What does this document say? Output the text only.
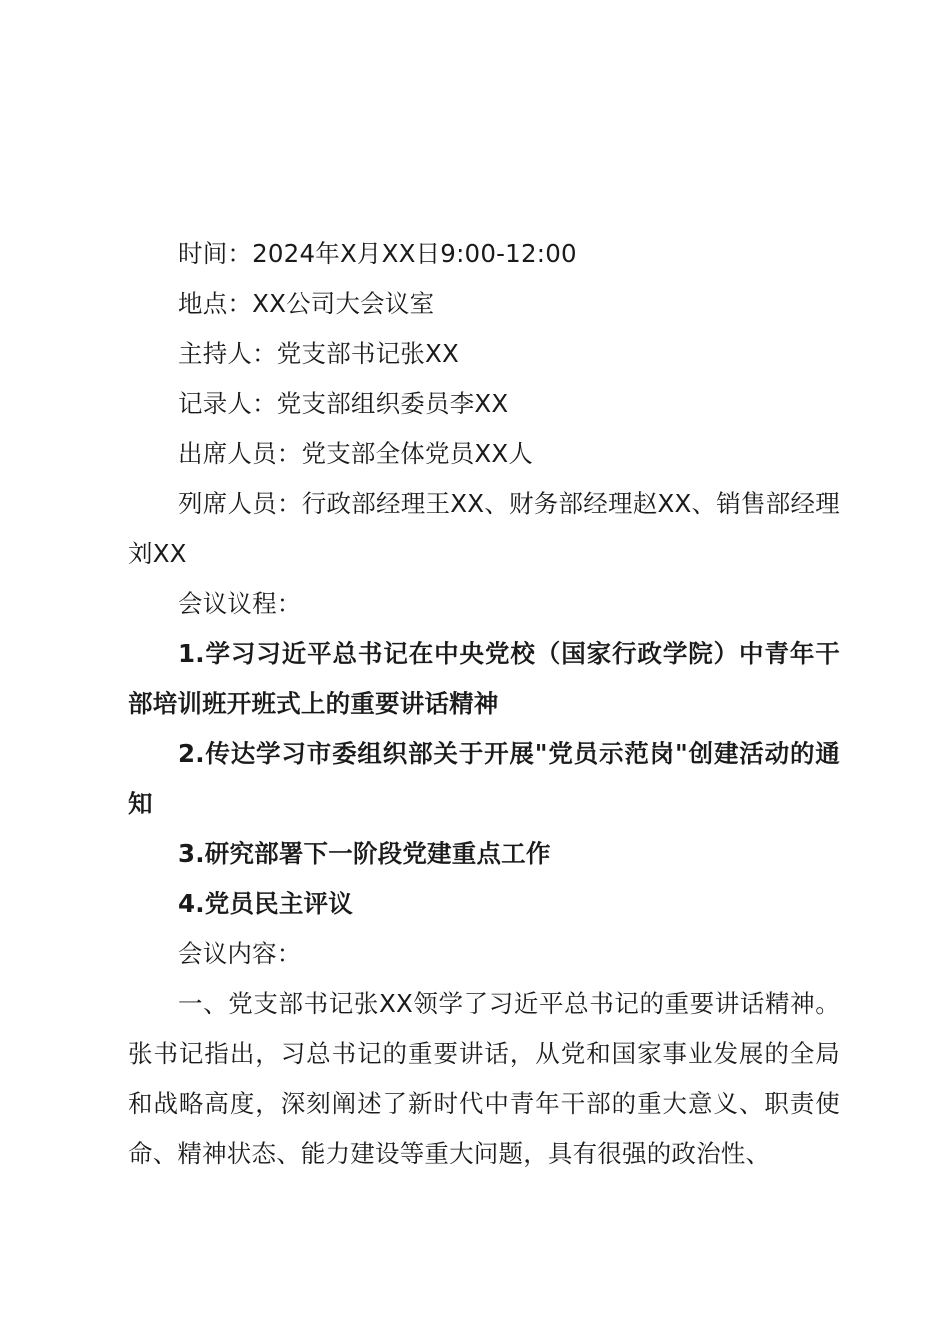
时间：2024年X月XX日9:00-12:00

地点：XX公司大会议室

主持人：党支部书记张XX

记录人：党支部组织委员李XX

出席人员：党支部全体党员XX人

列席人员：行政部经理王XX、财务部经理赵XX、销售部经理刘XX

会议议程：

1.学习习近平总书记在中央党校（国家行政学院）中青年干部培训班开班式上的重要讲话精神

2.传达学习市委组织部关于开展"党员示范岗"创建活动的通知

3.研究部署下一阶段党建重点工作

4.党员民主评议

会议内容：

一、党支部书记张XX领学了习近平总书记的重要讲话精神。张书记指出，习总书记的重要讲话，从党和国家事业发展的全局和战略高度，深刻阐述了新时代中青年干部的重大意义、职责使命、精神状态、能力建设等重大问题，具有很强的政治性、
